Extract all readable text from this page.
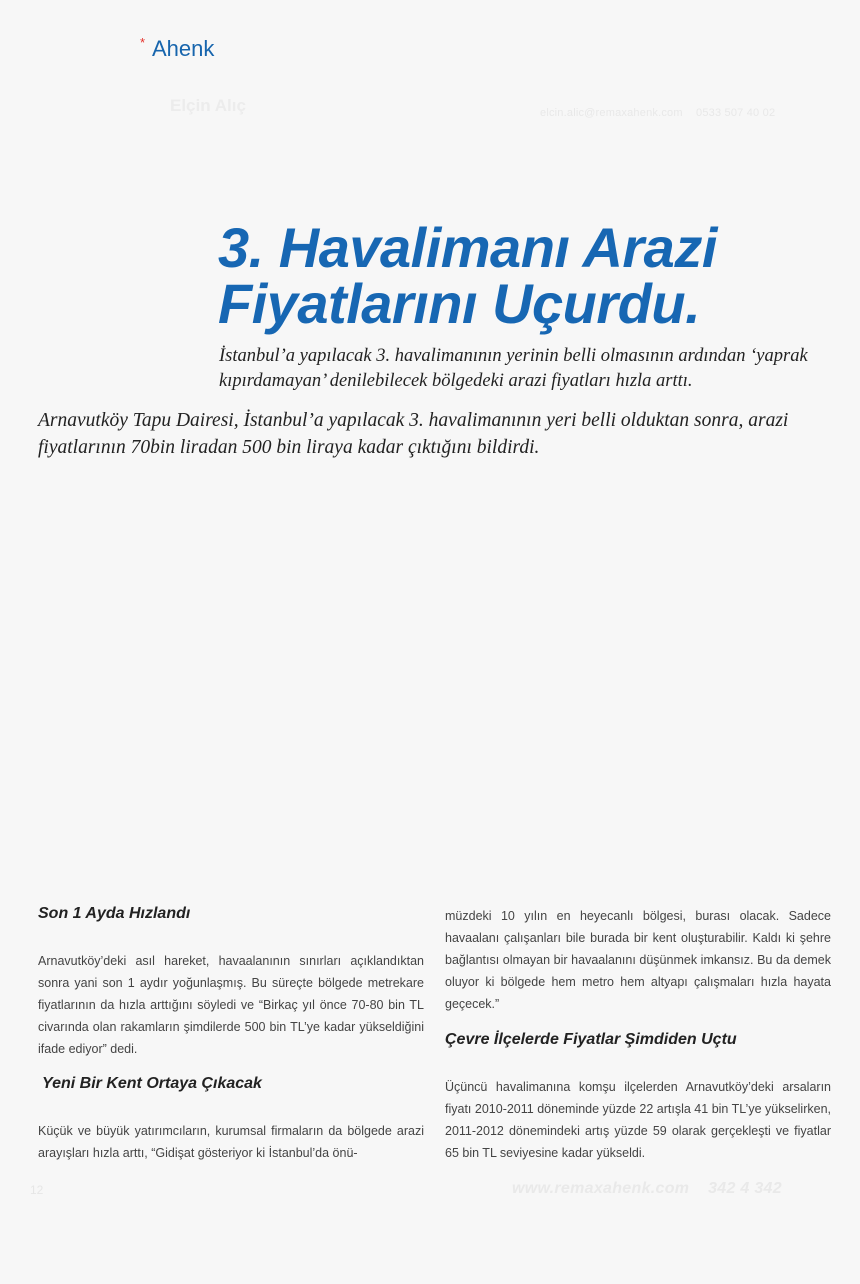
* Ahenk
Elçin Alıç	elcin.alic@remaxahenk.com 0533 507 40 02
3. Havalimanı Arazi
Fiyatlarını Uçurdu.
İstanbul’a yapılacak 3. havalimanının yerinin belli olmasının ardından ‘yaprak kıpırdamayan’ denilebilecek bölgedeki arazi fiyatları hızla arttı.
Arnavutköy Tapu Dairesi, İstanbul’a yapılacak 3. havalimanının yeri belli olduktan sonra, arazi fiyatlarının 70bin liradan 500 bin liraya kadar çıktığını bildirdi.
Son 1 Ayda Hızlandı

Arnavutköy’deki asıl hareket, havaalanının sınırları açıklandıktan sonra yani son 1 aydır yoğunlaşmış. Bu süreçte bölgede metrekare fiyatlarının da hızla arttığını söyledi ve “Birkaç yıl önce 70-80 bin TL civarında olan rakamların şimdilerde 500 bin TL’ye kadar yükseldiğini ifade ediyor” dedi.

Yeni Bir Kent Ortaya Çıkacak

Küçük ve büyük yatırımcıların, kurumsal firmaların da bölgede arazi arayışları hızla arttı, “Gidişat gösteriyor ki İstanbul’da önü-

müzdeki 10 yılın en heyecanlı bölgesi, burası olacak. Sadece havaalanı çalışanları bile burada bir kent oluşturabilir. Kaldı ki şehre bağlantısı olmayan bir havaalanını düşünmek imkansız. Bu da demek oluyor ki bölgede hem metro hem altyapı çalışmaları hızla hayata geçecek.”

Çevre İlçelerde Fiyatlar Şimdiden Uçtu

Üçüncü havalimanına komşu ilçelerden Arnavutköy’deki arsaların fiyatı 2010-2011 döneminde yüzde 22 artışla 41 bin TL’ye yükselirken, 2011-2012 dönemindeki artış yüzde 59 olarak gerçekleşti ve fiyatlar 65 bin TL seviyesine kadar yükseldi.

12	www.remaxahenk.com 342 4 342
